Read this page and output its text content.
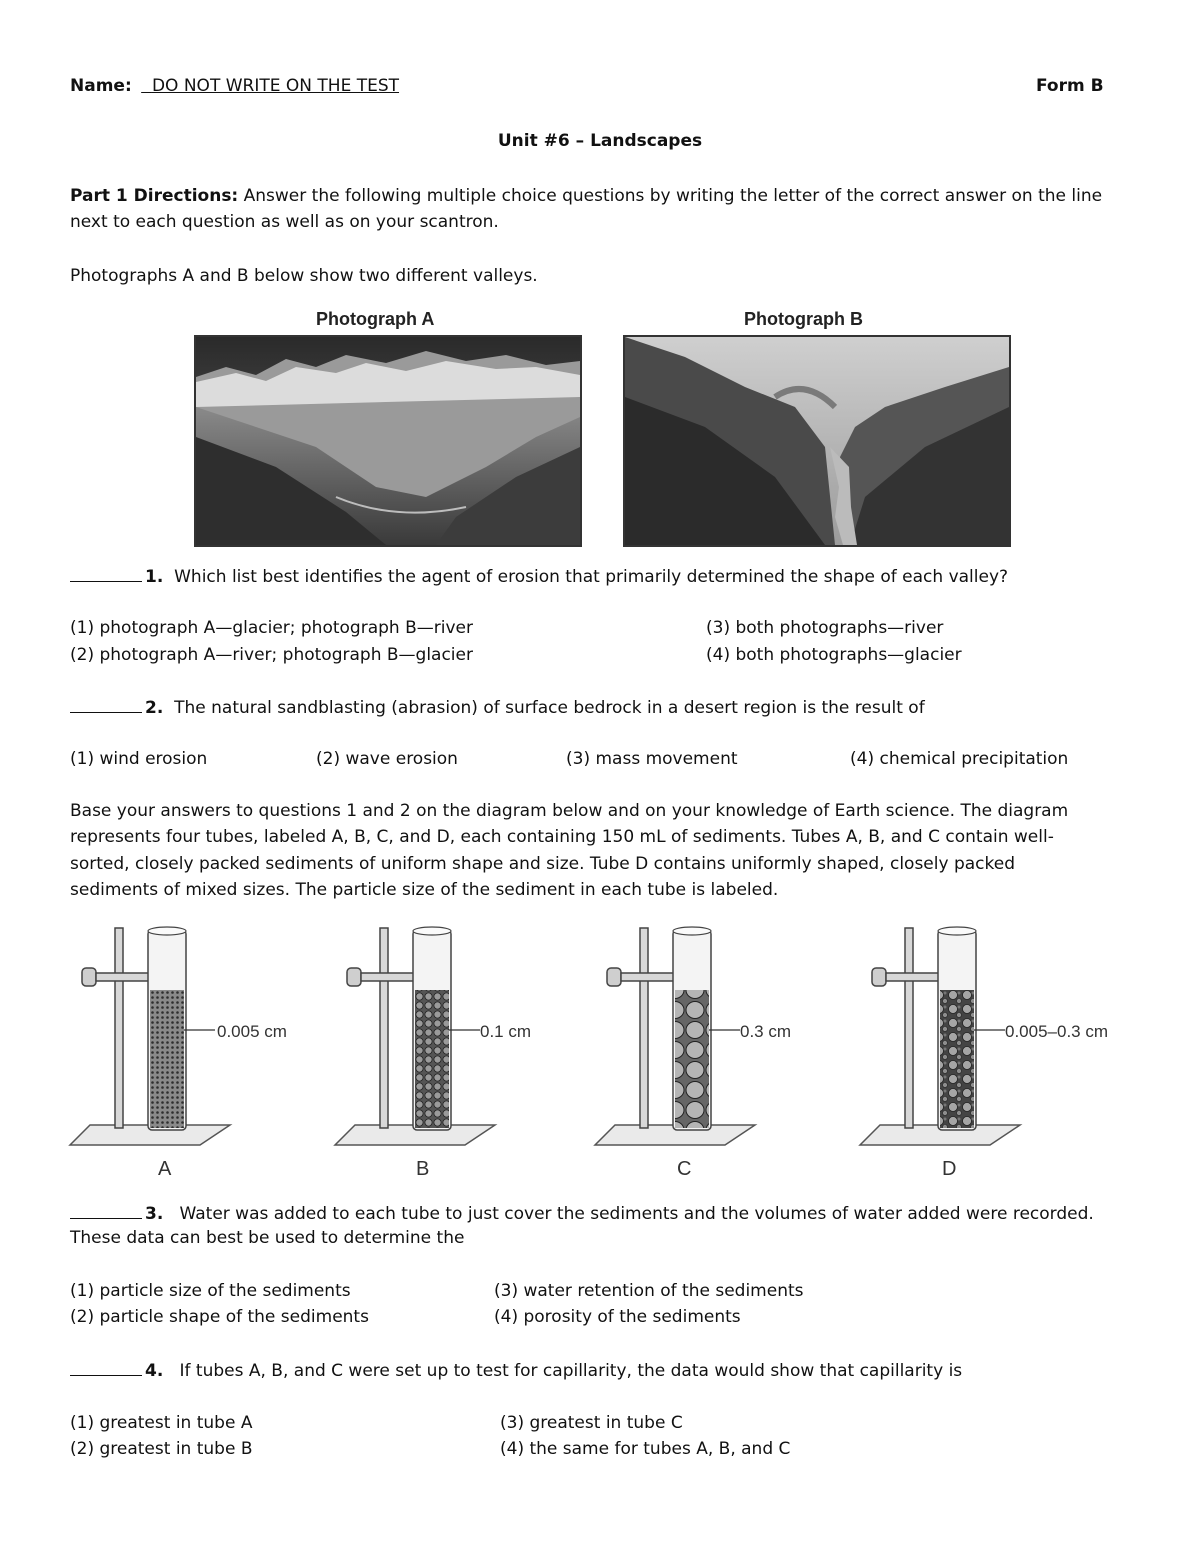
Name: DO NOT WRITE ON THE TEST	Form B
Unit #6 – Landscapes
Part 1 Directions: Answer the following multiple choice questions by writing the letter of the correct answer on the line
next to each question as well as on your scantron.
Photographs A and B below show two different valleys.
Photograph A	Photograph B
1. Which list best identifies the agent of erosion that primarily determined the shape of each valley?
(1) photograph A—glacier; photograph B—river
(2) photograph A—river; photograph B—glacier
(3) both photographs—river
(4) both photographs—glacier
2. The natural sandblasting (abrasion) of surface bedrock in a desert region is the result of
(1) wind erosion	(2) wave erosion	(3) mass movement	(4) chemical precipitation
Base your answers to questions 1 and 2 on the diagram below and on your knowledge of Earth science. The diagram
represents four tubes, labeled A, B, C, and D, each containing 150 mL of sediments. Tubes A, B, and C contain well-
sorted, closely packed sediments of uniform shape and size. Tube D contains uniformly shaped, closely packed
sediments of mixed sizes. The particle size of the sediment in each tube is labeled.
0.005 cm	0.1 cm	0.3 cm	0.005–0.3 cm
A	B	C	D
3. Water was added to each tube to just cover the sediments and the volumes of water added were recorded.
These data can best be used to determine the
(1) particle size of the sediments
(2) particle shape of the sediments
(3) water retention of the sediments
(4) porosity of the sediments
4. If tubes A, B, and C were set up to test for capillarity, the data would show that capillarity is
(1) greatest in tube A
(2) greatest in tube B
(3) greatest in tube C
(4) the same for tubes A, B, and C
